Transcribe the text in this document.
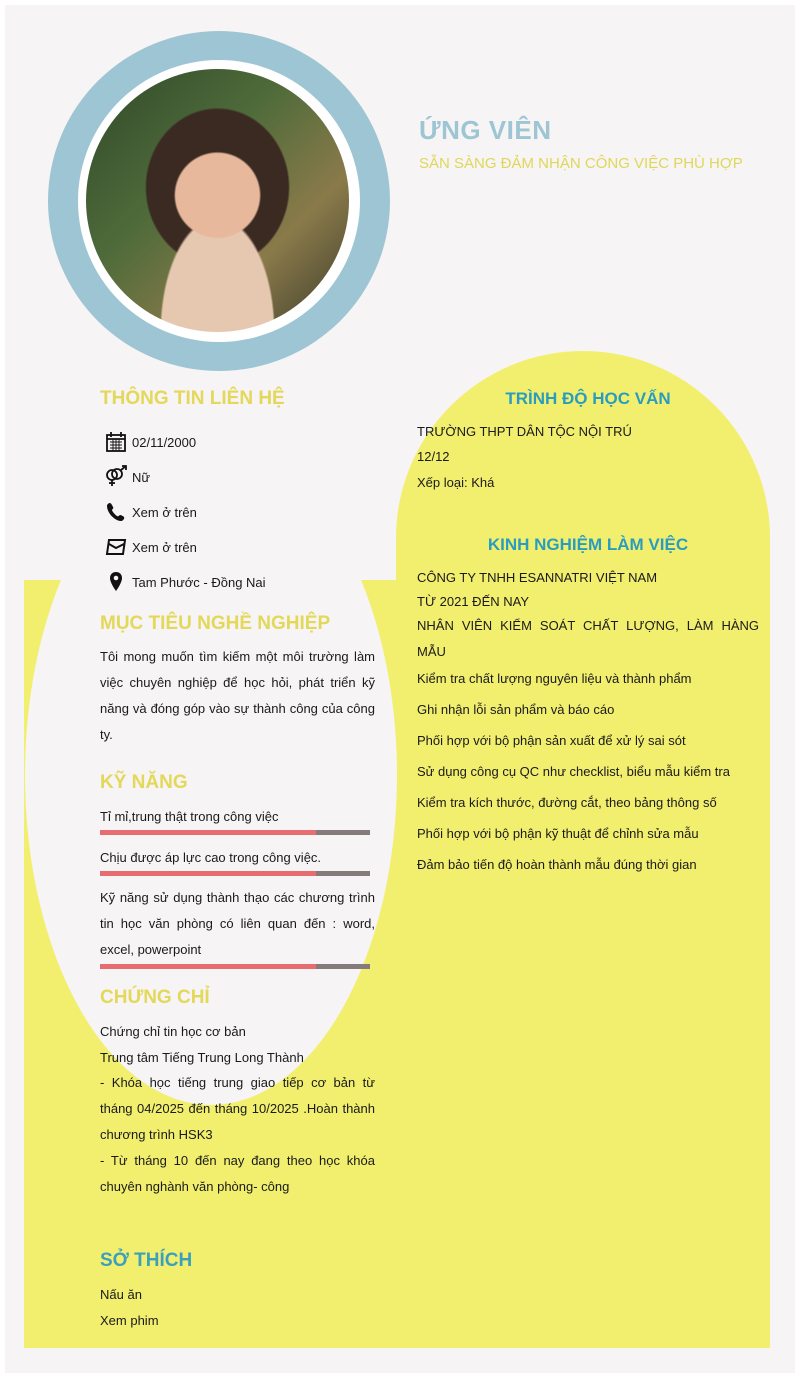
ỨNG VIÊN
SẴN SÀNG ĐẢM NHẬN CÔNG VIỆC PHÙ HỢP
THÔNG TIN LIÊN HỆ
02/11/2000
Nữ
Xem ở trên
Xem ở trên
Tam Phước - Đồng Nai
MỤC TIÊU NGHỀ NGHIỆP
Tôi mong muốn tìm kiếm một môi trường làm việc chuyên nghiệp để học hỏi, phát triển kỹ năng và đóng góp vào sự thành công của công ty.
KỸ NĂNG
Tỉ mỉ,trung thật trong công việc
Chịu được áp lực cao trong công việc.
Kỹ năng sử dụng thành thạo các chương trình tin học văn phòng có liên quan đến : word, excel, powerpoint
CHỨNG CHỈ
Chứng chỉ tin học cơ bản
Trung tâm Tiếng Trung Long Thành
- Khóa học tiếng trung giao tiếp cơ bản từ tháng 04/2025 đến tháng 10/2025 .Hoàn thành chương trình HSK3
- Từ tháng 10 đến nay đang theo học khóa chuyên nghành văn phòng- công
SỞ THÍCH
Nấu ăn
Xem phim
TRÌNH ĐỘ HỌC VẤN
TRƯỜNG THPT DÂN TỘC NỘI TRÚ
12/12
Xếp loại: Khá
KINH NGHIỆM LÀM VIỆC
CÔNG TY TNHH ESANNATRI VIỆT NAM
TỪ 2021 ĐẾN NAY
NHÂN VIÊN KIỂM SOÁT CHẤT LƯỢNG, LÀM HÀNG MẪU
Kiểm tra chất lượng nguyên liệu và thành phẩm
Ghi nhận lỗi sản phẩm và báo cáo
Phối hợp với bộ phận sản xuất để xử lý sai sót
Sử dụng công cụ QC như checklist, biểu mẫu kiểm tra
Kiểm tra kích thước, đường cắt, theo bảng thông số
Phối hợp với bộ phận kỹ thuật để chỉnh sửa mẫu
Đảm bảo tiến độ hoàn thành mẫu đúng thời gian
